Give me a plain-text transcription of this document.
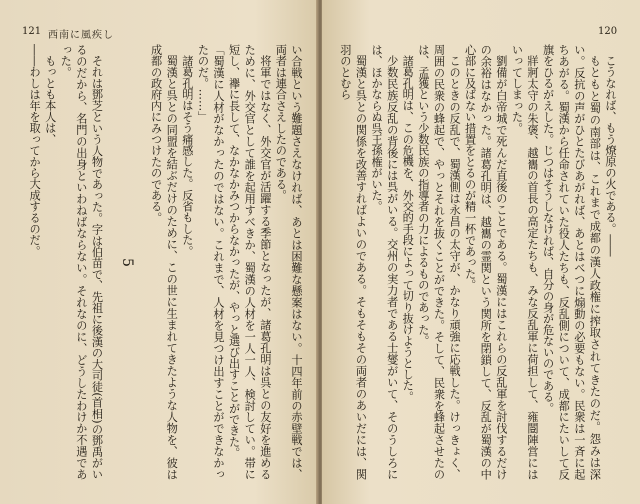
121 西南に風疾し
い合戦という難題さえなければ、あとは困難な懸案はない。十四年前の赤壁戦では、両者は連合さえしたのである。
将軍ではなく、外交官が活躍する季節となったが、諸葛孔明は呉との友好を進めるために、外交官として誰を起用すべきか、蜀漢の人材を一人一人、検討してい。帯に短し、襷に長して、なかなかみつからなかったが、やっと選び出すことができた。
「蜀漢に人材がなかったのではない。これまで、人材を見つけ出すことができなかったのだ。……」
諸葛孔明はそう痛感した。反省もした。
蜀漢と呉との同盟を結ぶだけのために、この世に生まれてきたような人物を、彼は成都の政府内にみつけたのである。
5
それは鄧芝という人物であった。字は伯苗で、先祖に後漢の大司徒(首相)の鄧禹がいるのだから、名門の出身といわねばならない。それなのに、どうしたわけか不遇であった。
もっとも本人は、
――わしは年を取ってから大成するのだ。
120
こうなれば、もう燎原の火である。――
もともと蜀の南部は、これまで成都の漢人政権に搾取されてきたのだ。怨みは深い。反抗の声がひとたびあがれば、あとはべつに煽動の必要もない。民衆は一斉に起ちあがる。蜀漢から任命されていた役人たちも、反乱側について、成都にたいして反旗をひるがえした。じつはそうしなければ、自分の身が危ないのである。
牂牁太守の朱褒、越巂の首長の高定たちも、みな反乱軍に荷担して、雍闓陣営にはいってしまった。
劉備が白帝城で死んだ直後のことである。蜀漢にはこれらの反乱軍を討伐するだけの余裕はなかった。諸葛孔明は、越巂の霊関という関所を閉鎖して、反乱が蜀漢の中心部に及ばない措置をとるのが精一杯であった。
このときの反乱で、蜀漢側は永昌の太守が、かなり頑強に応戦した。けっきょく、周囲の民衆の蜂起で、やっとそれを抜くことができた。そして、民衆を蜂起させたのは、孟獲という少数民族の指導者の力によるものであった。
諸葛孔明は、この危機を、外交的手段によって切り抜けようとした。
少数民族反乱の背後には呉がいる。交州の実力者である士燮がいて、そのうしろには、ほかならぬ呉王孫権がいた。
蜀漢と呉との関係を改善すればよいのである。そもそもその両者のあいだには、関羽のとむら
